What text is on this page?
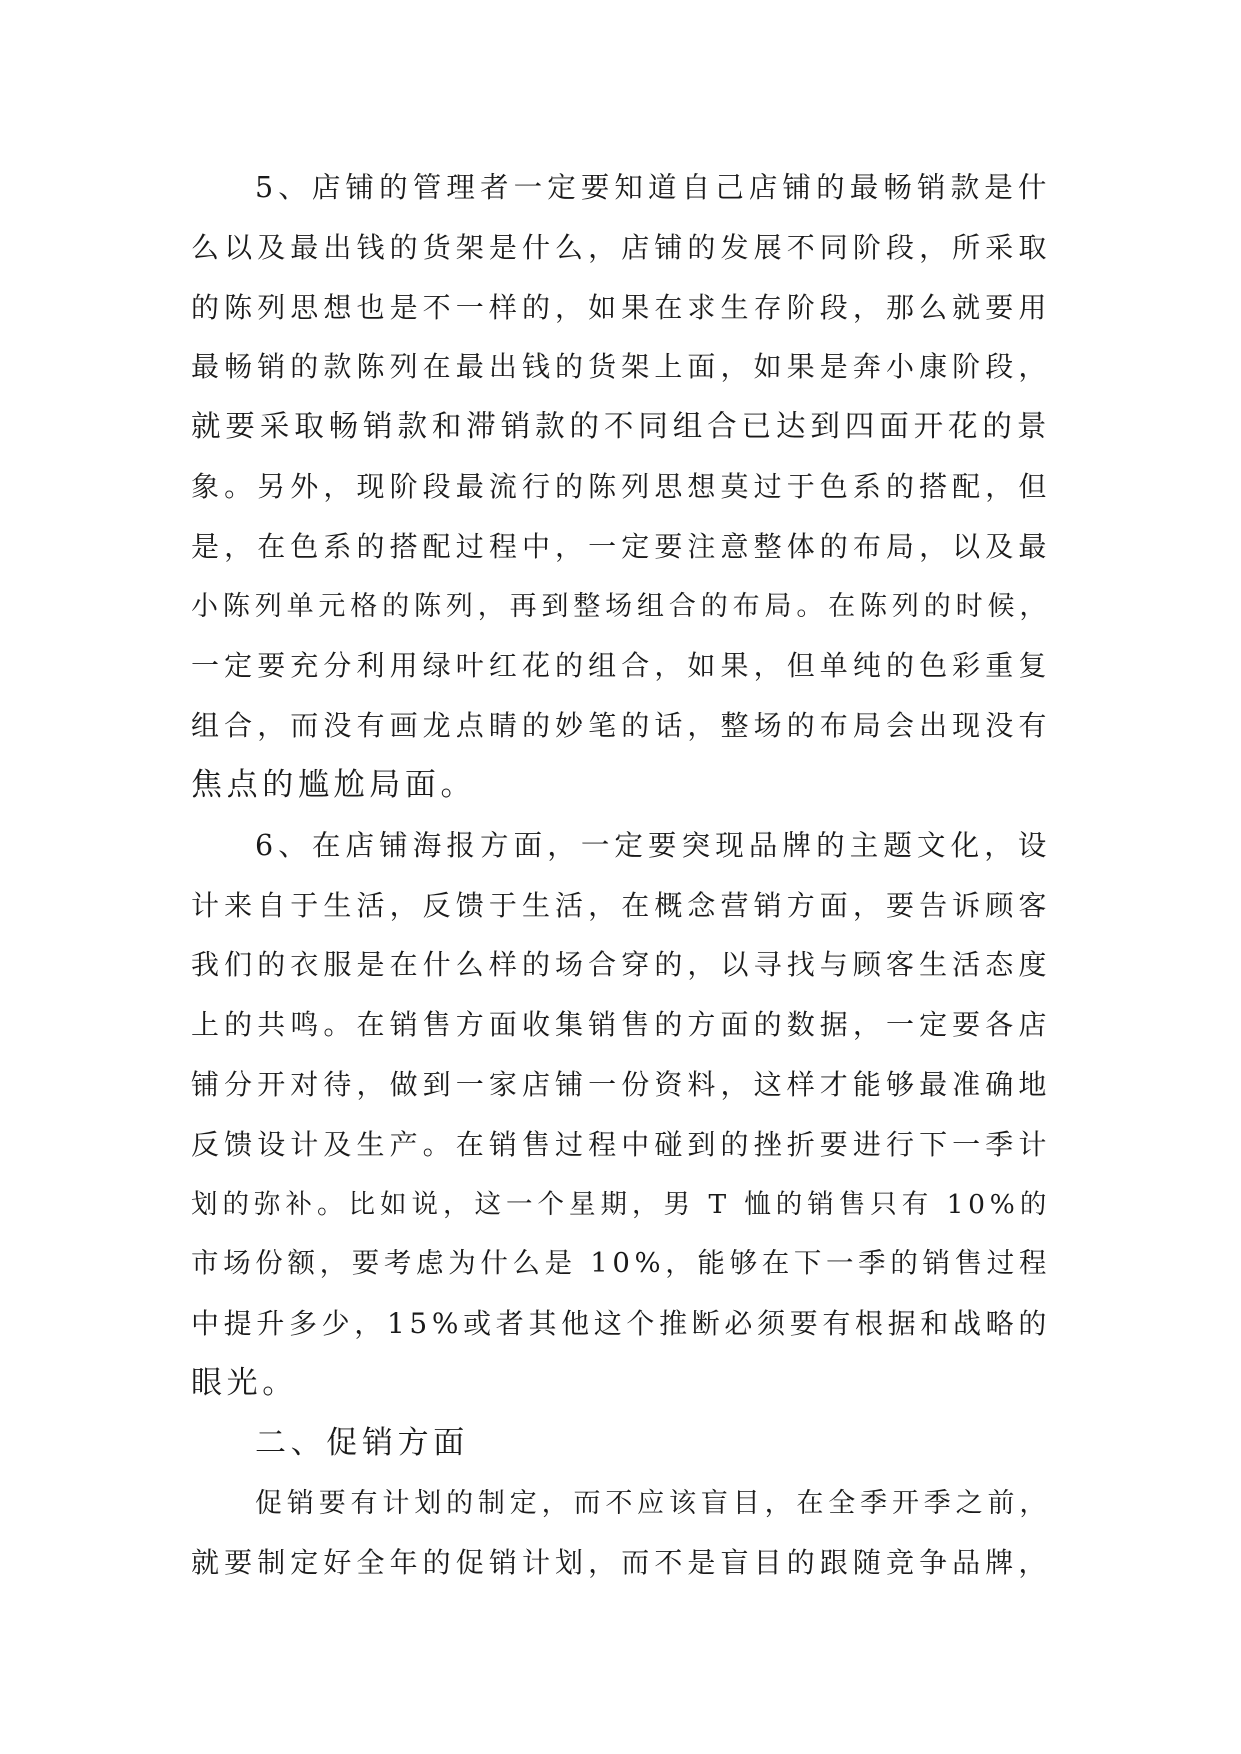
5、店铺的管理者一定要知道自己店铺的最畅销款是什
么以及最出钱的货架是什么，店铺的发展不同阶段，所采取
的陈列思想也是不一样的，如果在求生存阶段，那么就要用
最畅销的款陈列在最出钱的货架上面，如果是奔小康阶段，
就要采取畅销款和滞销款的不同组合已达到四面开花的景
象。另外，现阶段最流行的陈列思想莫过于色系的搭配，但
是，在色系的搭配过程中，一定要注意整体的布局，以及最
小陈列单元格的陈列，再到整场组合的布局。在陈列的时候，
一定要充分利用绿叶红花的组合，如果，但单纯的色彩重复
组合，而没有画龙点睛的妙笔的话，整场的布局会出现没有
焦点的尴尬局面。
6、在店铺海报方面，一定要突现品牌的主题文化，设
计来自于生活，反馈于生活，在概念营销方面，要告诉顾客
我们的衣服是在什么样的场合穿的，以寻找与顾客生活态度
上的共鸣。在销售方面收集销售的方面的数据，一定要各店
铺分开对待，做到一家店铺一份资料，这样才能够最准确地
反馈设计及生产。在销售过程中碰到的挫折要进行下一季计
划的弥补。比如说，这一个星期，男 T 恤的销售只有 10%的
市场份额，要考虑为什么是 10%，能够在下一季的销售过程
中提升多少，15%或者其他这个推断必须要有根据和战略的
眼光。
二、促销方面
促销要有计划的制定，而不应该盲目，在全季开季之前，
就要制定好全年的促销计划，而不是盲目的跟随竞争品牌，
